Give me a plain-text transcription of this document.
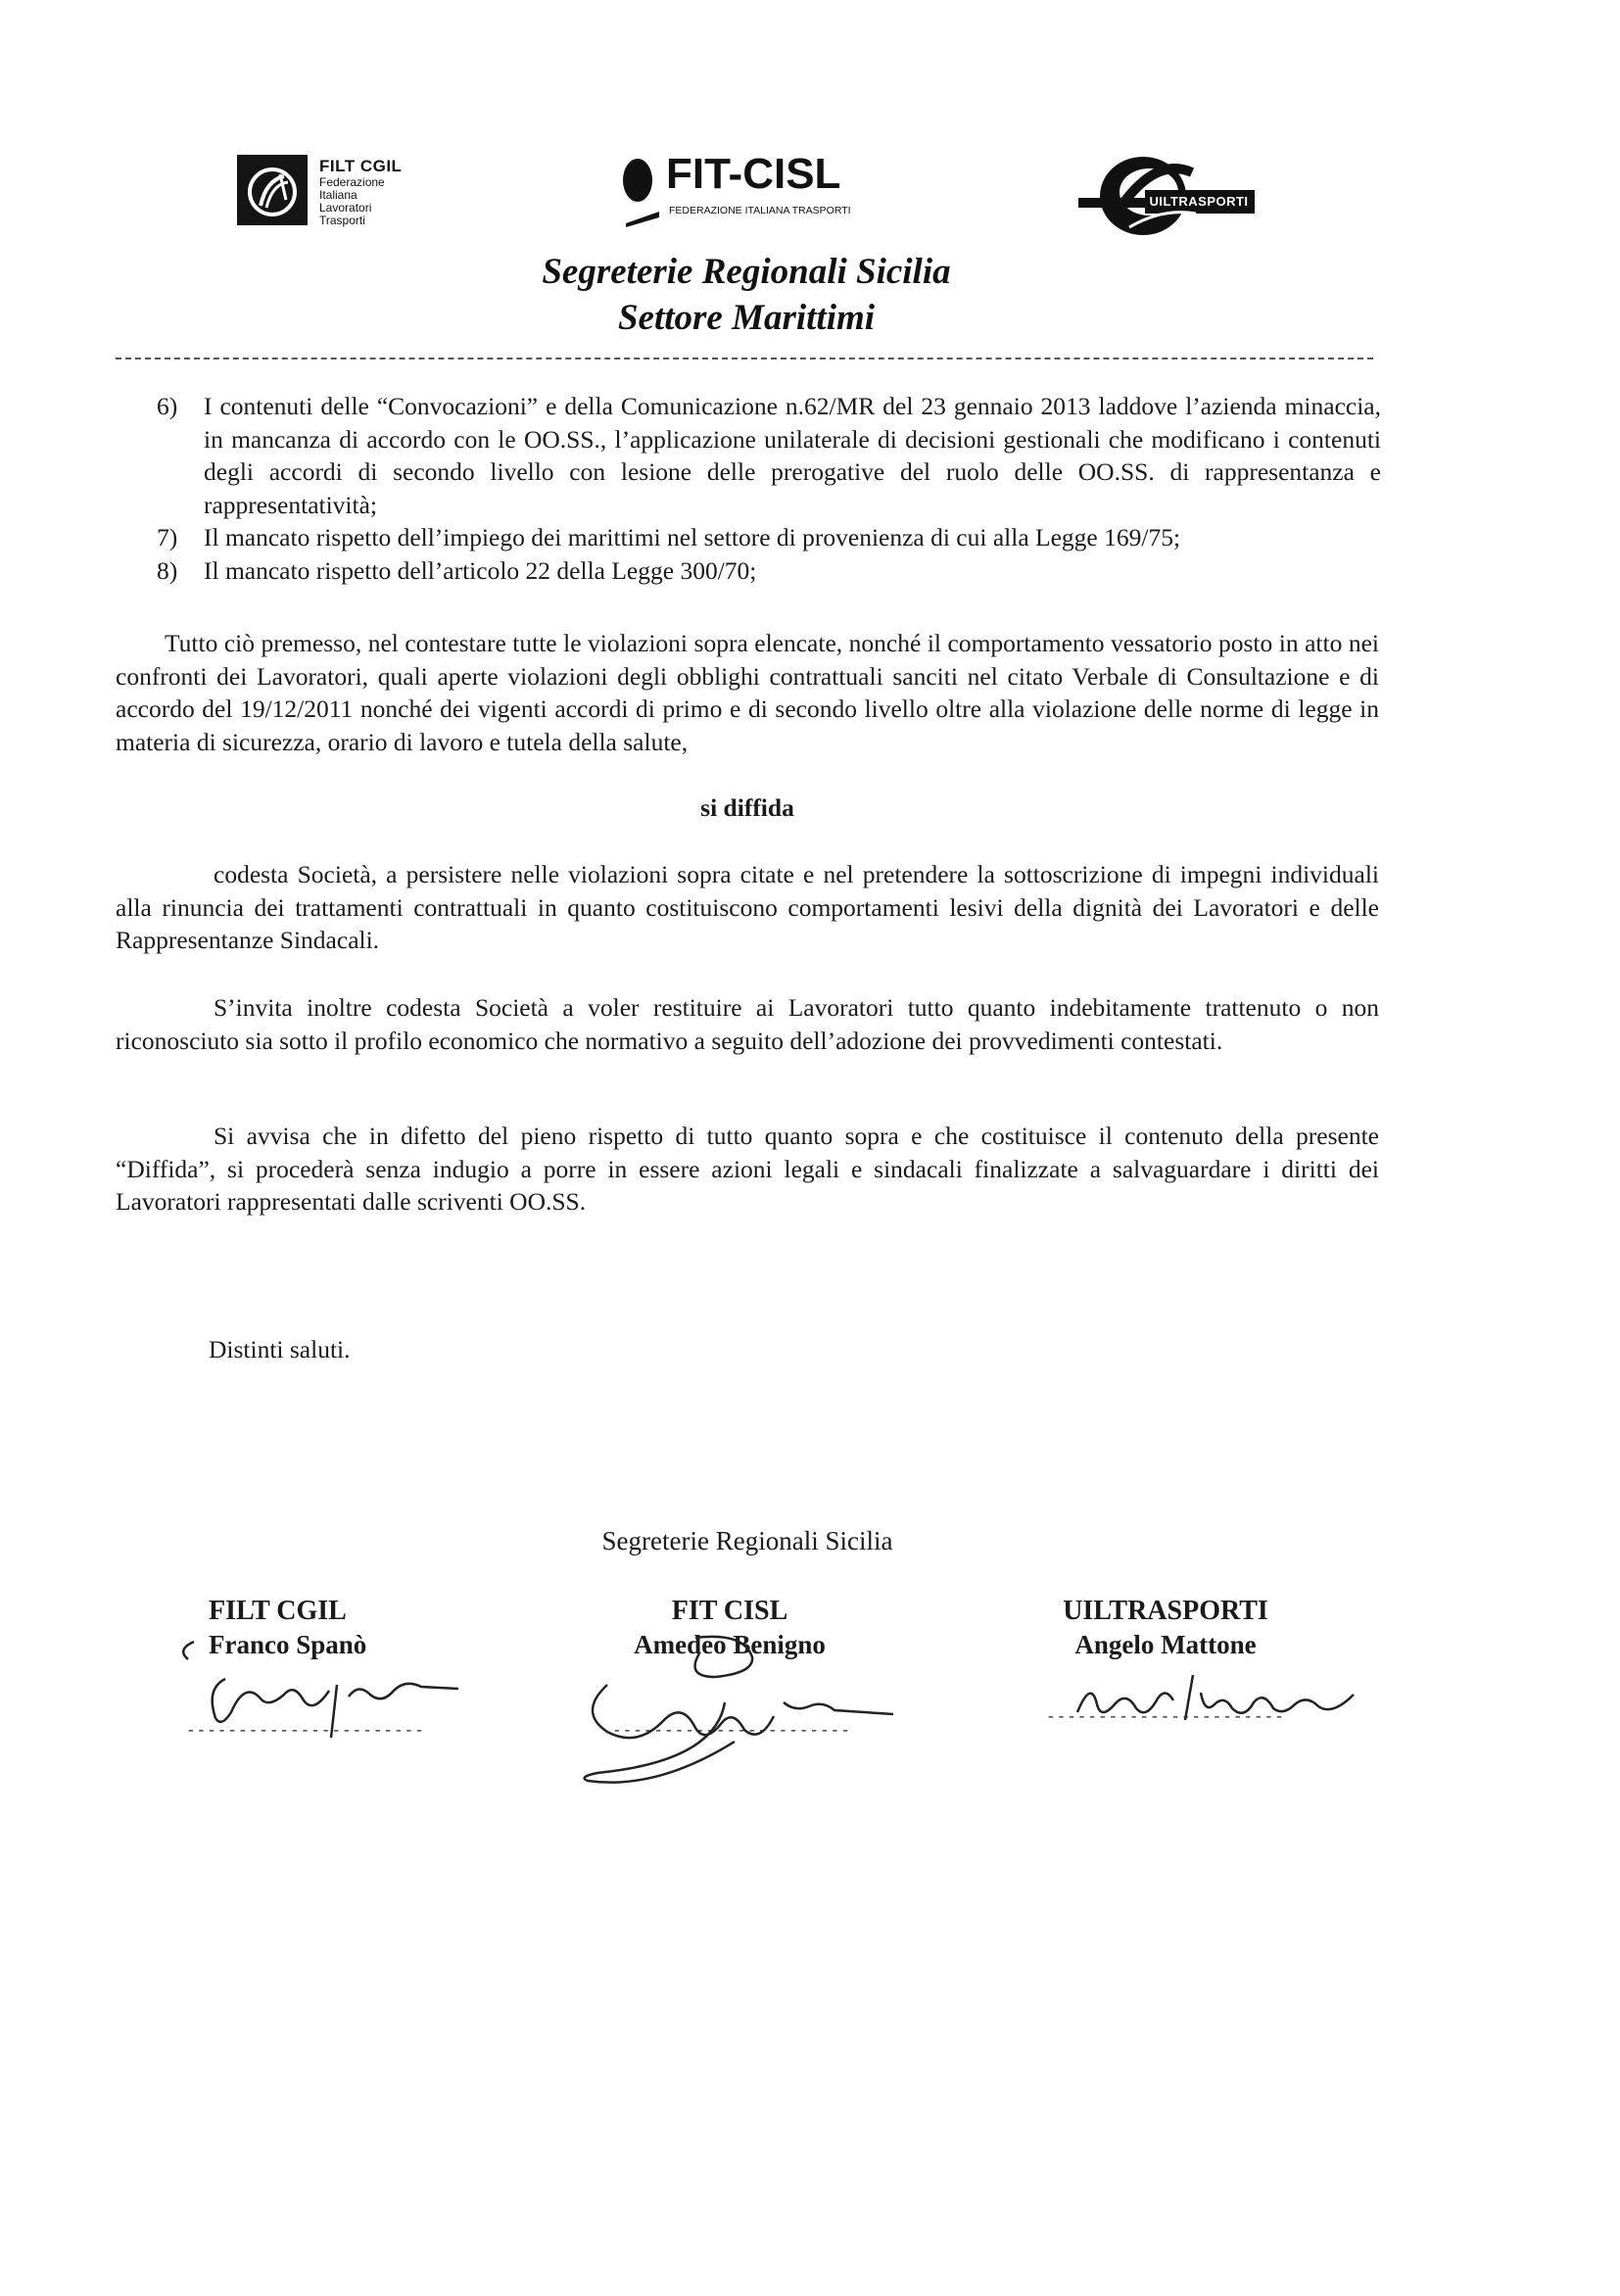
FILT CGIL
Federazione
Italiana
Lavoratori
Trasporti
FIT-CISL
FEDERAZIONE ITALIANA TRASPORTI
UILTRASPORTI
Segreterie Regionali Sicilia
Settore Marittimi
6) I contenuti delle “Convocazioni” e della Comunicazione n.62/MR del 23 gennaio 2013 laddove l’azienda minaccia, in mancanza di accordo con le OO.SS., l’applicazione unilaterale di decisioni gestionali che modificano i contenuti degli accordi di secondo livello con lesione delle prerogative del ruolo delle OO.SS. di rappresentanza e rappresentatività;
7) Il mancato rispetto dell’impiego dei marittimi nel settore di provenienza di cui alla Legge 169/75;
8) Il mancato rispetto dell’articolo 22 della Legge 300/70;
Tutto ciò premesso, nel contestare tutte le violazioni sopra elencate, nonché il comportamento vessatorio posto in atto nei confronti dei Lavoratori, quali aperte violazioni degli obblighi contrattuali sanciti nel citato Verbale di Consultazione e di accordo del 19/12/2011 nonché dei vigenti accordi di primo e di secondo livello oltre alla violazione delle norme di legge in materia di sicurezza, orario di lavoro e tutela della salute,
si diffida
codesta Società, a persistere nelle violazioni sopra citate e nel pretendere la sottoscrizione di impegni individuali alla rinuncia dei trattamenti contrattuali in quanto costituiscono comportamenti lesivi della dignità dei Lavoratori e delle Rappresentanze Sindacali.
S’invita inoltre codesta Società a voler restituire ai Lavoratori tutto quanto indebitamente trattenuto o non riconosciuto sia sotto il profilo economico che normativo a seguito dell’adozione dei provvedimenti contestati.
Si avvisa che in difetto del pieno rispetto di tutto quanto sopra e che costituisce il contenuto della presente “Diffida”, si procederà senza indugio a porre in essere azioni legali e sindacali finalizzate a salvaguardare i diritti dei Lavoratori rappresentati dalle scriventi OO.SS.
Distinti saluti.
Segreterie Regionali Sicilia
FILT CGIL
Franco Spanò
-----------------------
FIT CISL
Amedeo Benigno
-----------------------
UILTRASPORTI
Angelo Mattone
-----------------------
